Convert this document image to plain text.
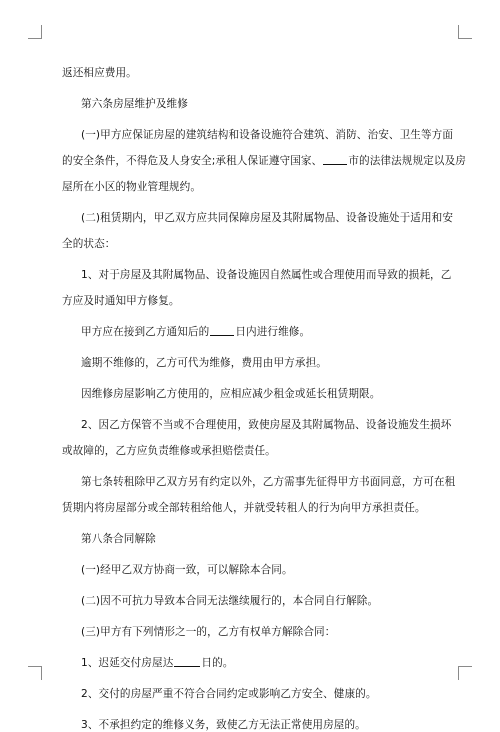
返还相应费用。
第六条房屋维护及维修
(一)甲方应保证房屋的建筑结构和设备设施符合建筑、消防、治安、卫生等方面
的安全条件，不得危及人身安全;承租人保证遵守国家、 市的法律法规规定以及房
屋所在小区的物业管理规约。
(二)租赁期内，甲乙双方应共同保障房屋及其附属物品、设备设施处于适用和安
全的状态：
1、对于房屋及其附属物品、设备设施因自然属性或合理使用而导致的损耗，乙
方应及时通知甲方修复。
甲方应在接到乙方通知后的 日内进行维修。
逾期不维修的，乙方可代为维修，费用由甲方承担。
因维修房屋影响乙方使用的，应相应减少租金或延长租赁期限。
2、因乙方保管不当或不合理使用，致使房屋及其附属物品、设备设施发生损坏
或故障的，乙方应负责维修或承担赔偿责任。
第七条转租除甲乙双方另有约定以外，乙方需事先征得甲方书面同意，方可在租
赁期内将房屋部分或全部转租给他人，并就受转租人的行为向甲方承担责任。
第八条合同解除
(一)经甲乙双方协商一致，可以解除本合同。
(二)因不可抗力导致本合同无法继续履行的，本合同自行解除。
(三)甲方有下列情形之一的，乙方有权单方解除合同：
1、迟延交付房屋达	日的。
2、交付的房屋严重不符合合同约定或影响乙方安全、健康的。
3、不承担约定的维修义务，致使乙方无法正常使用房屋的。
